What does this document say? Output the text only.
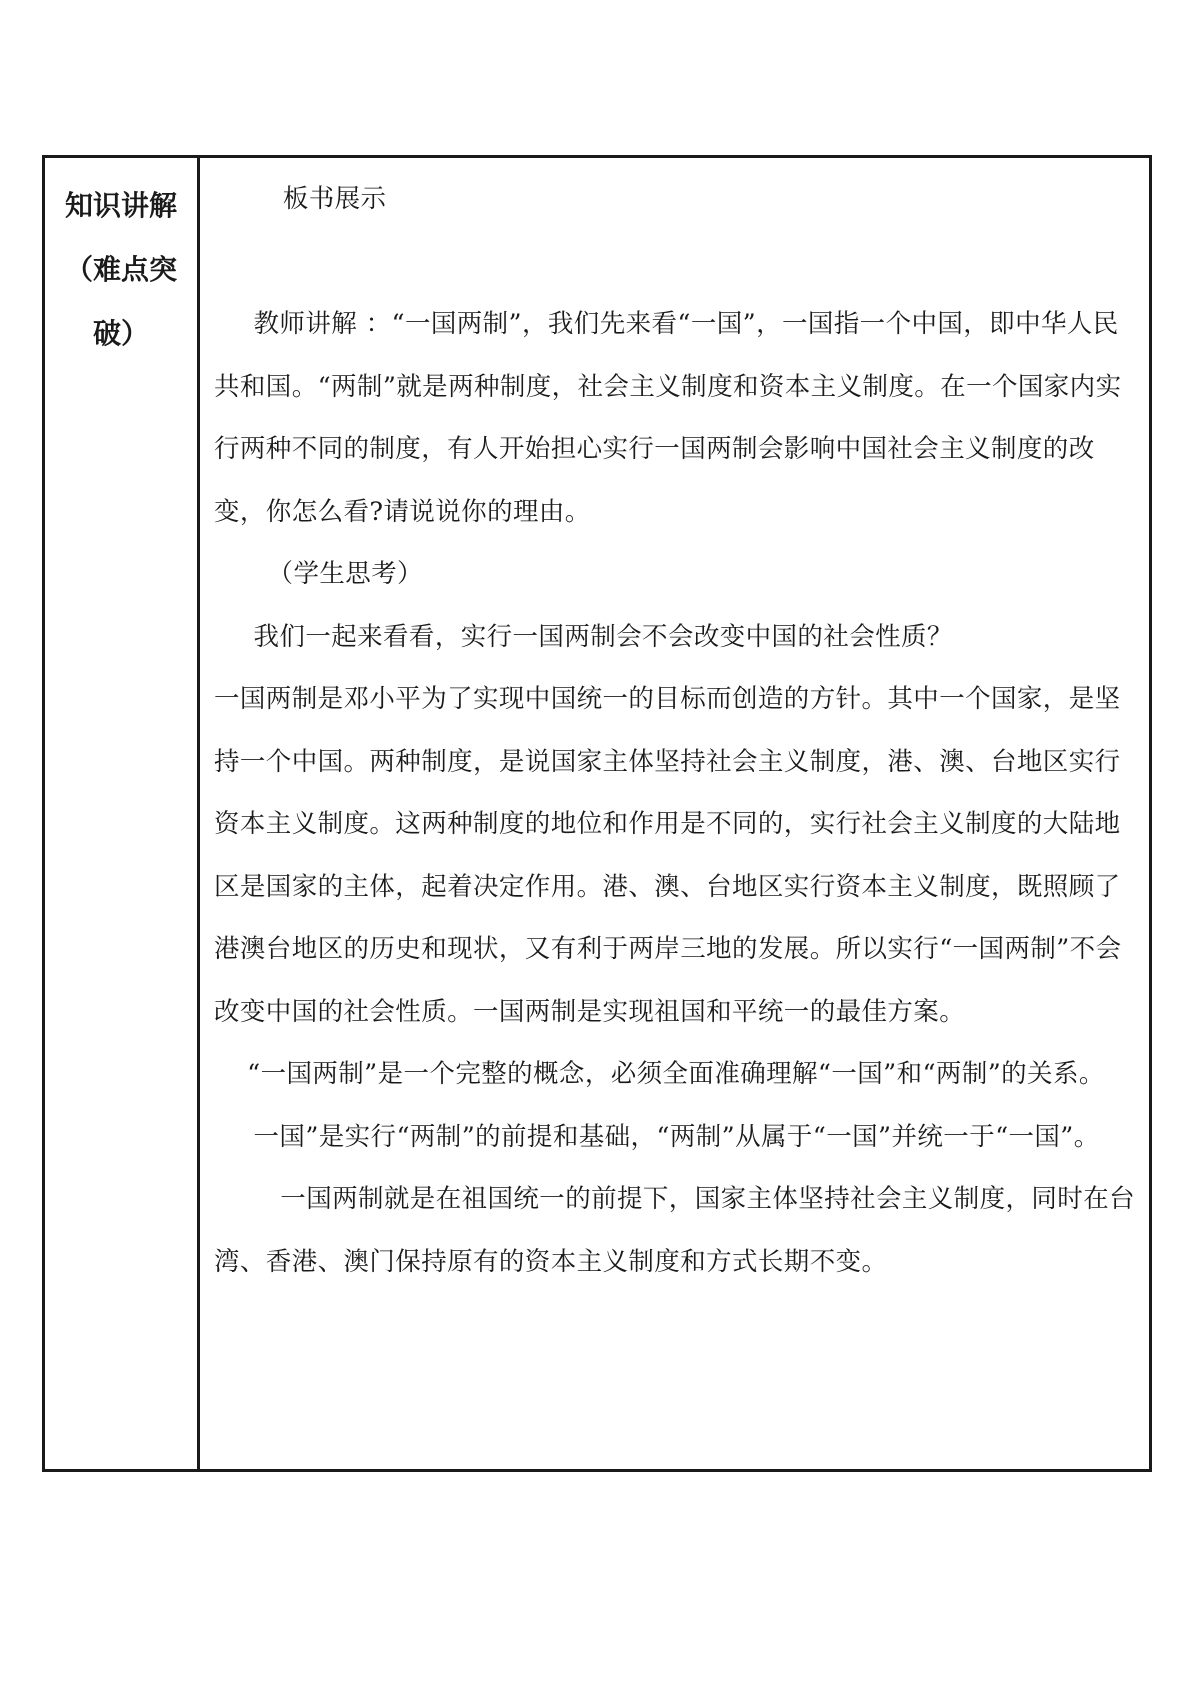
知识讲解
（难点突
破）

板书展示

教师讲解 ：“一国两制”，我们先来看“一国”，一国指一个中国，即中华人民共和国。“两制”就是两种制度，社会主义制度和资本主义制度。在一个国家内实行两种不同的制度，有人开始担心实行一国两制会影响中国社会主义制度的改变，你怎么看?请说说你的理由。

（学生思考）

我们一起来看看，实行一国两制会不会改变中国的社会性质？

一国两制是邓小平为了实现中国统一的目标而创造的方针。其中一个国家，是坚持一个中国。两种制度，是说国家主体坚持社会主义制度，港、澳、台地区实行资本主义制度。这两种制度的地位和作用是不同的，实行社会主义制度的大陆地区是国家的主体，起着决定作用。港、澳、台地区实行资本主义制度，既照顾了港澳台地区的历史和现状，又有利于两岸三地的发展。所以实行“一国两制”不会改变中国的社会性质。一国两制是实现祖国和平统一的最佳方案。

“一国两制”是一个完整的概念，必须全面准确理解“一国”和“两制”的关系。

一国”是实行“两制”的前提和基础，“两制”从属于“一国”并统一于“一国”。

一国两制就是在祖国统一的前提下，国家主体坚持社会主义制度，同时在台湾、香港、澳门保持原有的资本主义制度和方式长期不变。
